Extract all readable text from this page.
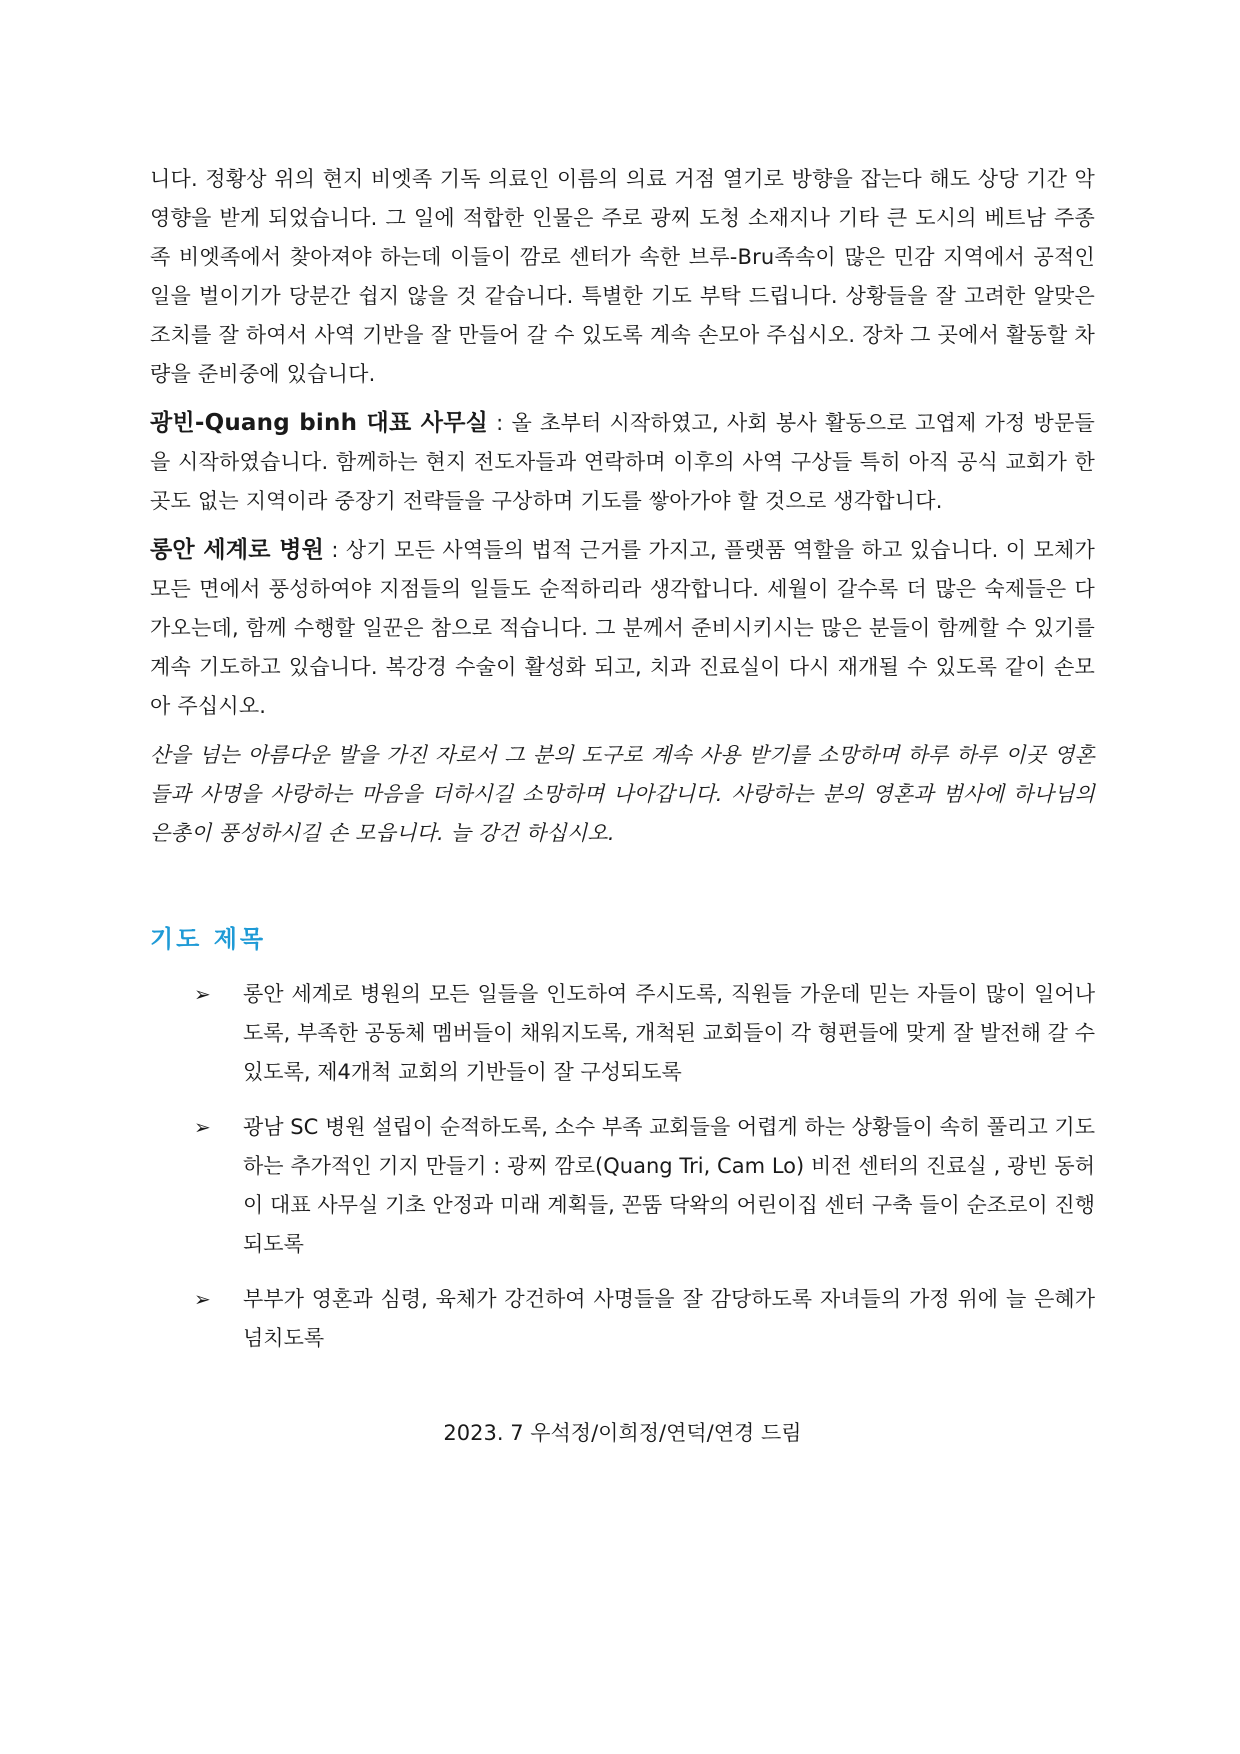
니다. 정황상 위의 현지 비엣족 기독 의료인 이름의 의료 거점 열기로 방향을 잡는다 해도 상당 기간 악 영향을 받게 되었습니다. 그 일에 적합한 인물은 주로 광찌 도청 소재지나 기타 큰 도시의 베트남 주종족 비엣족에서 찾아져야 하는데 이들이 깜로 센터가 속한 브루-Bru족속이 많은 민감 지역에서 공적인 일을 벌이기가 당분간 쉽지 않을 것 같습니다. 특별한 기도 부탁 드립니다. 상황들을 잘 고려한 알맞은 조치를 잘 하여서 사역 기반을 잘 만들어 갈 수 있도록 계속 손모아 주십시오. 장차 그 곳에서 활동할 차량을 준비중에 있습니다.

광빈-Quang binh 대표 사무실 : 올 초부터 시작하였고, 사회 봉사 활동으로 고엽제 가정 방문들을 시작하였습니다. 함께하는 현지 전도자들과 연락하며 이후의 사역 구상들 특히 아직 공식 교회가 한 곳도 없는 지역이라 중장기 전략들을 구상하며 기도를 쌓아가야 할 것으로 생각합니다.

롱안 세계로 병원 : 상기 모든 사역들의 법적 근거를 가지고, 플랫품 역할을 하고 있습니다. 이 모체가 모든 면에서 풍성하여야 지점들의 일들도 순적하리라 생각합니다. 세월이 갈수록 더 많은 숙제들은 다가오는데, 함께 수행할 일꾼은 참으로 적습니다. 그 분께서 준비시키시는 많은 분들이 함께할 수 있기를 계속 기도하고 있습니다. 복강경 수술이 활성화 되고, 치과 진료실이 다시 재개될 수 있도록 같이 손모아 주십시오.

산을 넘는 아름다운 발을 가진 자로서 그 분의 도구로 계속 사용 받기를 소망하며 하루 하루 이곳 영혼들과 사명을 사랑하는 마음을 더하시길 소망하며 나아갑니다. 사랑하는 분의 영혼과 범사에 하나님의 은총이 풍성하시길 손 모읍니다. 늘 강건 하십시오.

기도 제목
➢ 롱안 세계로 병원의 모든 일들을 인도하여 주시도록, 직원들 가운데 믿는 자들이 많이 일어나도록, 부족한 공동체 멤버들이 채워지도록, 개척된 교회들이 각 형편들에 맞게 잘 발전해 갈 수 있도록, 제4개척 교회의 기반들이 잘 구성되도록
➢ 광남 SC 병원 설립이 순적하도록, 소수 부족 교회들을 어렵게 하는 상황들이 속히 풀리고 기도하는 추가적인 기지 만들기 : 광찌 깜로(Quang Tri, Cam Lo) 비전 센터의 진료실 , 광빈 동허이 대표 사무실 기초 안정과 미래 계획들, 꼰뚬 닥왁의 어린이집 센터 구축 들이 순조로이 진행되도록
➢ 부부가 영혼과 심령, 육체가 강건하여 사명들을 잘 감당하도록 자녀들의 가정 위에 늘 은혜가 넘치도록
2023. 7 우석정/이희정/연덕/연경 드림
